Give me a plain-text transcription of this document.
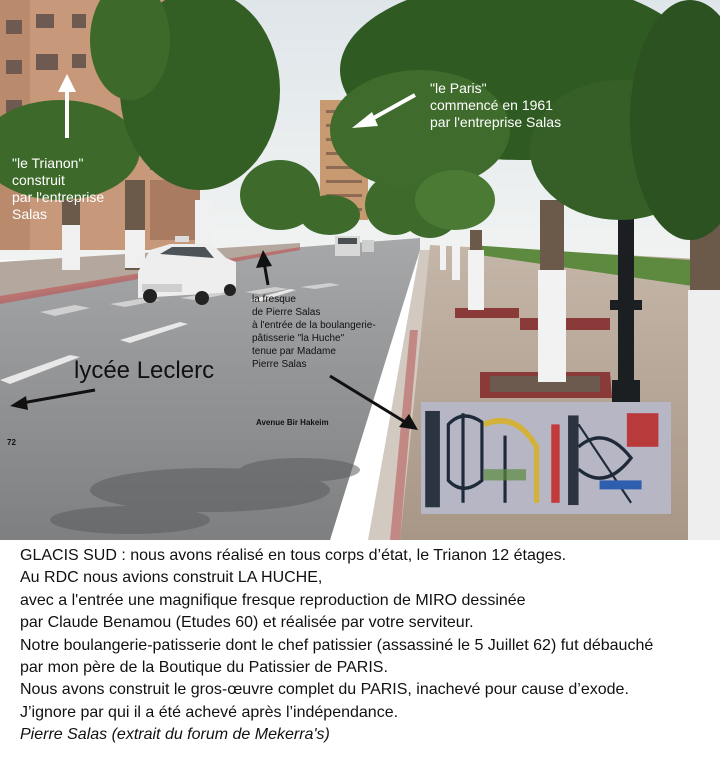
"le Trianon"
construit
par l'entreprise
Salas
"le Paris"
commencé en 1961
par l'entreprise Salas
la fresque
de Pierre Salas
à l'entrée de la boulangerie-
pâtisserie "la Huche"
tenue par Madame
Pierre Salas
lycée Leclerc
Avenue Bir Hakeim
72
GLACIS SUD : nous avons réalisé en tous corps d’état, le Trianon 12 étages.
Au RDC nous avions construit LA HUCHE,
avec a l'entrée une magnifique fresque reproduction de MIRO dessinée
par Claude Benamou (Etudes 60) et réalisée par votre serviteur.
Notre boulangerie-patisserie dont le chef patissier (assassiné le 5 Juillet 62) fut débauché
par mon père de la Boutique du Patissier de PARIS.
Nous avons construit le gros-œuvre complet du PARIS, inachevé pour cause d’exode.
J’ignore par qui il a été achevé après l’indépendance.
Pierre Salas (extrait du forum de Mekerra's)
